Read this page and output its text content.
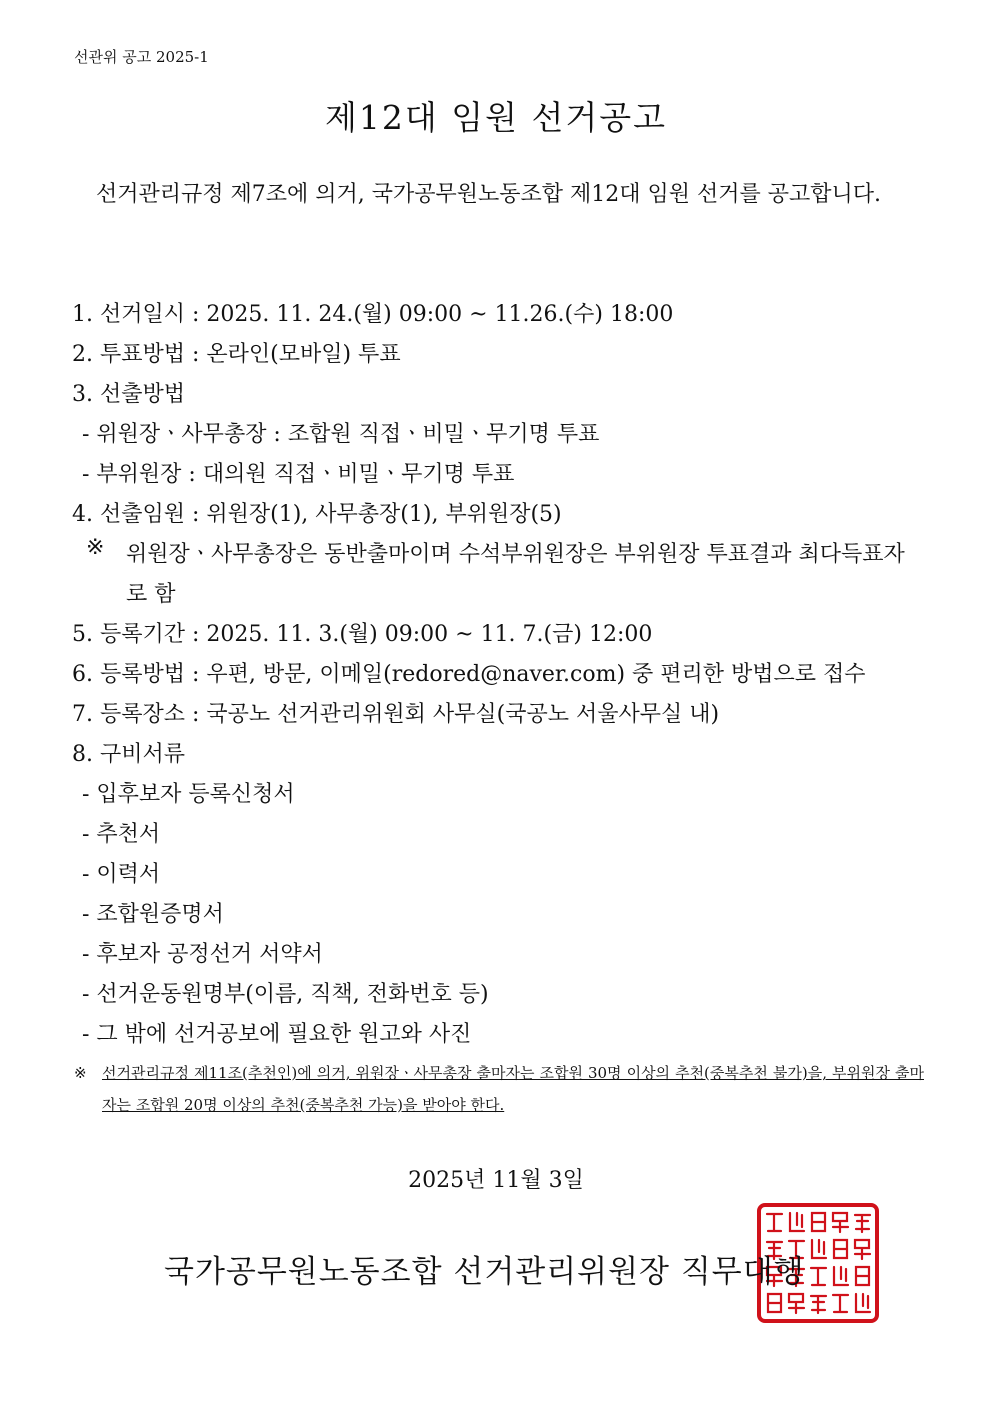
선관위 공고 2025-1
제12대 임원 선거공고
선거관리규정 제7조에 의거, 국가공무원노동조합 제12대 임원 선거를 공고합니다.
1. 선거일시 : 2025. 11. 24.(월) 09:00 ~ 11.26.(수) 18:00
2. 투표방법 : 온라인(모바일) 투표
3. 선출방법
- 위원장ㆍ사무총장 : 조합원 직접ㆍ비밀ㆍ무기명 투표
- 부위원장 : 대의원 직접ㆍ비밀ㆍ무기명 투표
4. 선출임원 : 위원장(1), 사무총장(1), 부위원장(5)
※ 위원장ㆍ사무총장은 동반출마이며 수석부위원장은 부위원장 투표결과 최다득표자로 함
5. 등록기간 : 2025. 11. 3.(월) 09:00 ~ 11. 7.(금) 12:00
6. 등록방법 : 우편, 방문, 이메일(redored@naver.com) 중 편리한 방법으로 접수
7. 등록장소 : 국공노 선거관리위원회 사무실(국공노 서울사무실 내)
8. 구비서류
- 입후보자 등록신청서
- 추천서
- 이력서
- 조합원증명서
- 후보자 공정선거 서약서
- 선거운동원명부(이름, 직책, 전화번호 등)
- 그 밖에 선거공보에 필요한 원고와 사진
※	선거관리규정 제11조(추천인)에 의거, 위원장ㆍ사무총장 출마자는 조합원 30명 이상의 추천(중복추천 불가)을, 부위원장 출마자는 조합원 20명 이상의 추천(중복추천 가능)을 받아야 한다.
2025년 11월 3일
국가공무원노동조합 선거관리위원장 직무대행
